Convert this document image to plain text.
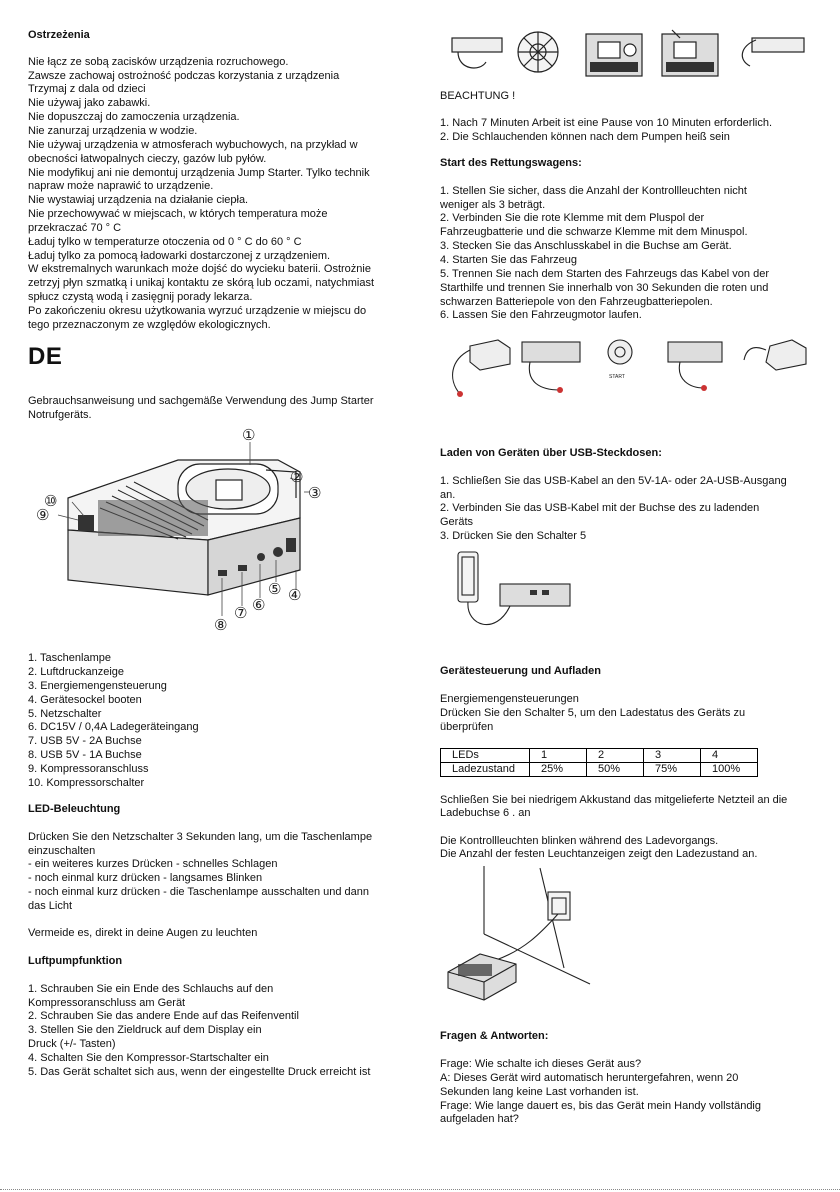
Ostrzeżenia
Nie łącz ze sobą zacisków urządzenia rozruchowego.
Zawsze zachowaj ostrożność podczas korzystania z urządzenia
Trzymaj z dala od dzieci
Nie używaj jako zabawki.
Nie dopuszczaj do zamoczenia urządzenia.
Nie zanurzaj urządzenia w wodzie.
Nie używaj urządzenia w atmosferach wybuchowych, na przykład w
obecności łatwopalnych cieczy, gazów lub pyłów.
Nie modyfikuj ani nie demontuj urządzenia Jump Starter. Tylko technik
napraw może naprawić to urządzenie.
Nie wystawiaj urządzenia na działanie ciepła.
Nie przechowywać w miejscach, w których temperatura może
przekraczać 70 ° C
Ładuj tylko w temperaturze otoczenia od 0 ° C do 60 ° C
Ładuj tylko za pomocą ładowarki dostarczonej z urządzeniem.
W ekstremalnych warunkach może dojść do wycieku baterii. Ostrożnie
zetrzyj płyn szmatką i unikaj kontaktu ze skórą lub oczami, natychmiast
spłucz czystą wodą i zasięgnij porady lekarza.
Po zakończeniu okresu użytkowania wyrzuć urządzenie w miejscu do
tego przeznaczonym ze względów ekologicznych.
DE
Gebrauchsanweisung und sachgemäße Verwendung des Jump Starter
Notrufgeräts.
①
②
③
④
⑤
⑥
⑦
⑧
⑨
⑩
1. Taschenlampe
2. Luftdruckanzeige
3. Energiemengensteuerung
4. Gerätesockel booten
5. Netzschalter
6. DC15V / 0,4A Ladegeräteingang
7. USB 5V - 2A Buchse
8. USB 5V - 1A Buchse
9. Kompressoranschluss
10. Kompressorschalter
LED-Beleuchtung
Drücken Sie den Netzschalter 3 Sekunden lang, um die Taschenlampe
einzuschalten
- ein weiteres kurzes Drücken - schnelles Schlagen
- noch einmal kurz drücken - langsames Blinken
- noch einmal kurz drücken - die Taschenlampe ausschalten und dann
das Licht
Vermeide es, direkt in deine Augen zu leuchten
Luftpumpfunktion
1. Schrauben Sie ein Ende des Schlauchs auf den
Kompressoranschluss am Gerät
2. Schrauben Sie das andere Ende auf das Reifenventil
3. Stellen Sie den Zieldruck auf dem Display ein
Druck (+/- Tasten)
4. Schalten Sie den Kompressor-Startschalter ein
5. Das Gerät schaltet sich aus, wenn der eingestellte Druck erreicht ist
BEACHTUNG !
1. Nach 7 Minuten Arbeit ist eine Pause von 10 Minuten erforderlich.
2. Die Schlauchenden können nach dem Pumpen heiß sein
Start des Rettungswagens:
1. Stellen Sie sicher, dass die Anzahl der Kontrollleuchten nicht
weniger als 3 beträgt.
2. Verbinden Sie die rote Klemme mit dem Pluspol der
Fahrzeugbatterie und die schwarze Klemme mit dem Minuspol.
3. Stecken Sie das Anschlusskabel in die Buchse am Gerät.
4. Starten Sie das Fahrzeug
5. Trennen Sie nach dem Starten des Fahrzeugs das Kabel von der
Starthilfe und trennen Sie innerhalb von 30 Sekunden die roten und
schwarzen Batteriepole von den Fahrzeugbatteriepolen.
6. Lassen Sie den Fahrzeugmotor laufen.
START
Laden von Geräten über USB-Steckdosen:
1. Schließen Sie das USB-Kabel an den 5V-1A- oder 2A-USB-Ausgang
an.
2. Verbinden Sie das USB-Kabel mit der Buchse des zu ladenden
Geräts
3. Drücken Sie den Schalter 5
Gerätesteuerung und Aufladen
Energiemengensteuerungen
Drücken Sie den Schalter 5, um den Ladestatus des Geräts zu
überprüfen
LEDs	1	2	3	4
Ladezustand	25%	50%	75%	100%
Schließen Sie bei niedrigem Akkustand das mitgelieferte Netzteil an die
Ladebuchse 6 . an
Die Kontrollleuchten blinken während des Ladevorgangs.
Die Anzahl der festen Leuchtanzeigen zeigt den Ladezustand an.
Fragen & Antworten:
Frage: Wie schalte ich dieses Gerät aus?
A: Dieses Gerät wird automatisch heruntergefahren, wenn 20
Sekunden lang keine Last vorhanden ist.
Frage: Wie lange dauert es, bis das Gerät mein Handy vollständig
aufgeladen hat?
